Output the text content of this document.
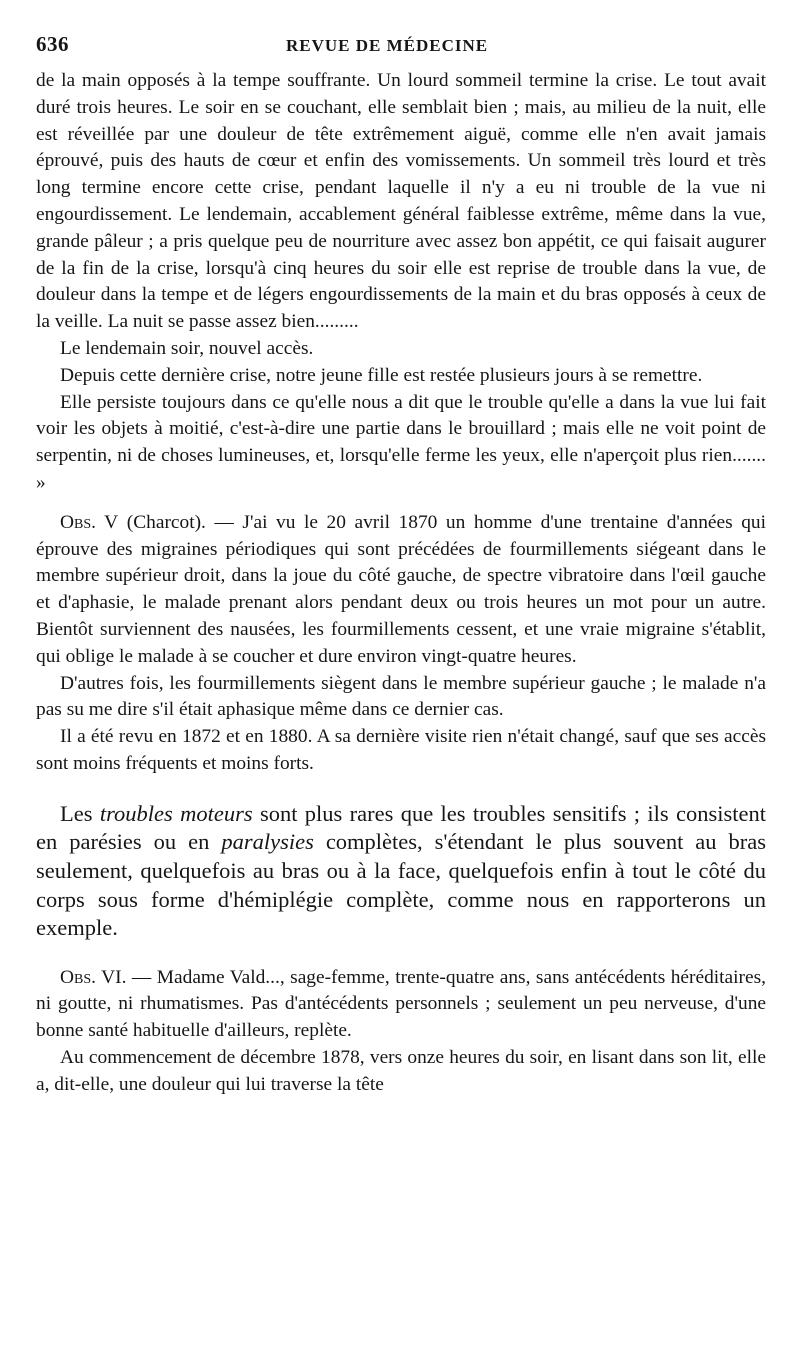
636	REVUE DE MÉDECINE

de la main opposés à la tempe souffrante. Un lourd sommeil termine la crise. Le tout avait duré trois heures. Le soir en se couchant, elle semblait bien ; mais, au milieu de la nuit, elle est réveillée par une douleur de tête extrêmement aiguë, comme elle n'en avait jamais éprouvé, puis des hauts de cœur et enfin des vomissements. Un sommeil très lourd et très long termine encore cette crise, pendant laquelle il n'y a eu ni trouble de la vue ni engourdissement. Le lendemain, accablement général faiblesse extrême, même dans la vue, grande pâleur ; a pris quelque peu de nourriture avec assez bon appétit, ce qui faisait augurer de la fin de la crise, lorsqu'à cinq heures du soir elle est reprise de trouble dans la vue, de douleur dans la tempe et de légers engourdissements de la main et du bras opposés à ceux de la veille. La nuit se passe assez bien.........

Le lendemain soir, nouvel accès.

Depuis cette dernière crise, notre jeune fille est restée plusieurs jours à se remettre.

Elle persiste toujours dans ce qu'elle nous a dit que le trouble qu'elle a dans la vue lui fait voir les objets à moitié, c'est-à-dire une partie dans le brouillard ; mais elle ne voit point de serpentin, ni de choses lumineuses, et, lorsqu'elle ferme les yeux, elle n'aperçoit plus rien....... »

Obs. V (Charcot). — J'ai vu le 20 avril 1870 un homme d'une trentaine d'années qui éprouve des migraines périodiques qui sont précédées de fourmillements siégeant dans le membre supérieur droit, dans la joue du côté gauche, de spectre vibratoire dans l'œil gauche et d'aphasie, le malade prenant alors pendant deux ou trois heures un mot pour un autre. Bientôt surviennent des nausées, les fourmillements cessent, et une vraie migraine s'établit, qui oblige le malade à se coucher et dure environ vingt-quatre heures.

D'autres fois, les fourmillements siègent dans le membre supérieur gauche ; le malade n'a pas su me dire s'il était aphasique même dans ce dernier cas.

Il a été revu en 1872 et en 1880. A sa dernière visite rien n'était changé, sauf que ses accès sont moins fréquents et moins forts.

Les troubles moteurs sont plus rares que les troubles sensitifs ; ils consistent en parésies ou en paralysies complètes, s'étendant le plus souvent au bras seulement, quelquefois au bras ou à la face, quelquefois enfin à tout le côté du corps sous forme d'hémiplégie complète, comme nous en rapporterons un exemple.

Obs. VI. — Madame Vald..., sage-femme, trente-quatre ans, sans antécédents héréditaires, ni goutte, ni rhumatismes. Pas d'antécédents personnels ; seulement un peu nerveuse, d'une bonne santé habituelle d'ailleurs, replète.

Au commencement de décembre 1878, vers onze heures du soir, en lisant dans son lit, elle a, dit-elle, une douleur qui lui traverse la tête
